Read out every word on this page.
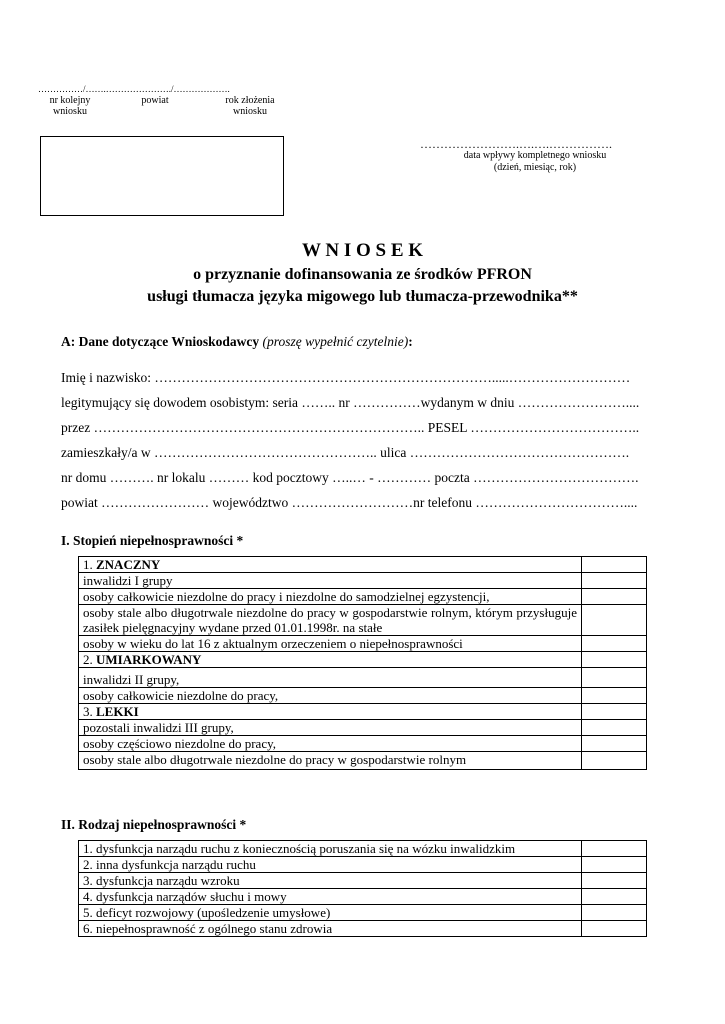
……………/…….…………………./……………….
nr kolejny
wniosku
powiat	rok złożenia
wniosku
…………………….….….…………….
data wpływy kompletnego wniosku
(dzień, miesiąc, rok)
W N I O S E K
o przyznanie dofinansowania ze środków PFRON
usługi tłumacza języka migowego lub tłumacza-przewodnika**
A: Dane dotyczące Wnioskodawcy (proszę wypełnić czytelnie):
Imię i nazwisko: ………………………………………………………………….....………………………
legitymujący się dowodem osobistym: seria …….. nr ……………wydanym w dniu ……………………....
przez ……………………………………………………………….. PESEL ………………………………..
zamieszkały/a w ………………………………………….. ulica ………………………………………….
nr domu ………. nr lokalu ……… kod pocztowy …..… - ………… poczta ……………………………….
powiat …………………… województwo ………………………nr telefonu ……………………………....
I. Stopień niepełnosprawności *
1. ZNACZNY	
inwalidzi I grupy	
osoby całkowicie niezdolne do pracy i niezdolne do samodzielnej egzystencji,	
osoby stale albo długotrwale niezdolne do pracy w gospodarstwie rolnym, którym przysługuje zasiłek pielęgnacyjny wydane przed 01.01.1998r. na stałe	
osoby w wieku do lat 16 z aktualnym orzeczeniem o niepełnosprawności	
2. UMIARKOWANY	
inwalidzi II grupy,	
osoby całkowicie niezdolne do pracy,	
3. LEKKI	
pozostali inwalidzi III grupy,	
osoby częściowo niezdolne do pracy,	
osoby stale albo długotrwale niezdolne do pracy w gospodarstwie rolnym	
II. Rodzaj niepełnosprawności *
1. dysfunkcja narządu ruchu z koniecznością poruszania się na wózku inwalidzkim	
2. inna dysfunkcja narządu ruchu	
3. dysfunkcja narządu wzroku	
4. dysfunkcja narządów słuchu i mowy	
5. deficyt rozwojowy (upośledzenie umysłowe)	
6. niepełnosprawność z ogólnego stanu zdrowia	
